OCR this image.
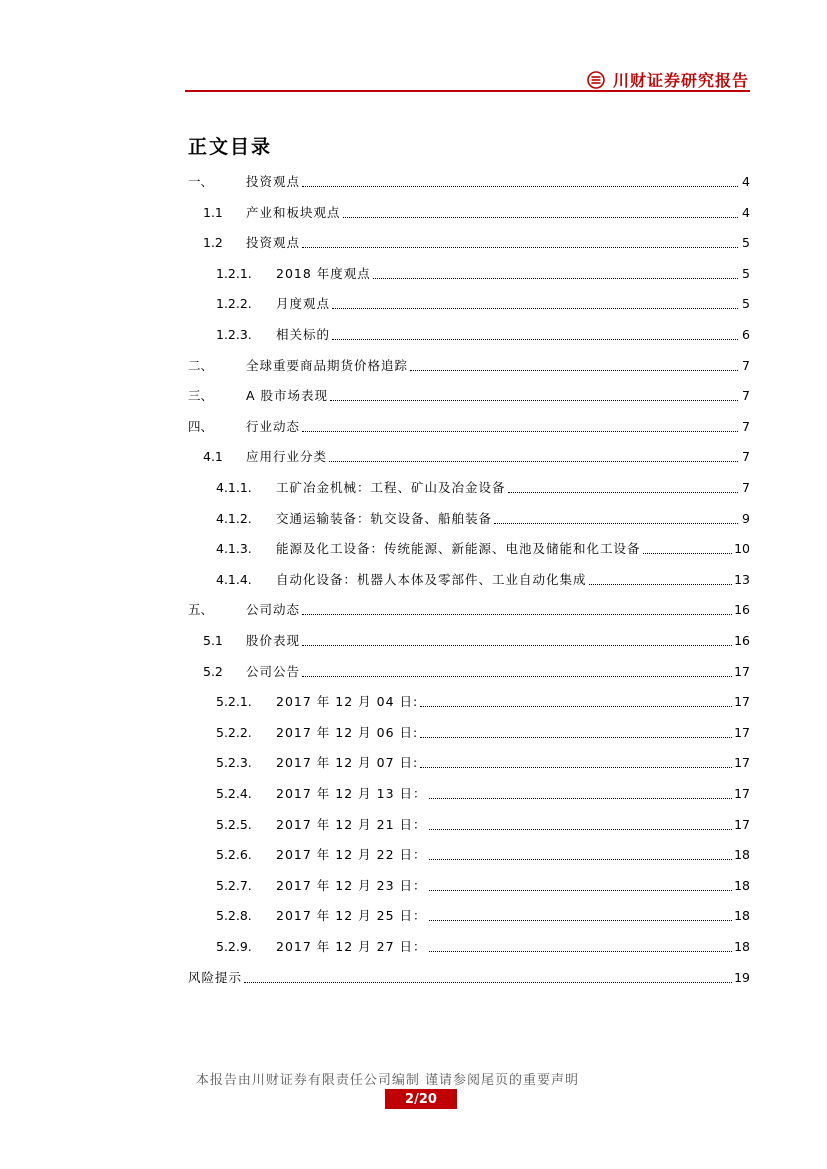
川财证券研究报告
正文目录
一、	投资观点	4
1.1	产业和板块观点	4
1.2	投资观点	5
1.2.1.	2018 年度观点	5
1.2.2.	月度观点	5
1.2.3.	相关标的	6
二、	全球重要商品期货价格追踪	7
三、	A 股市场表现	7
四、	行业动态	7
4.1	应用行业分类	7
4.1.1.	工矿冶金机械：工程、矿山及冶金设备	7
4.1.2.	交通运输装备：轨交设备、船舶装备	9
4.1.3.	能源及化工设备：传统能源、新能源、电池及储能和化工设备	10
4.1.4.	自动化设备：机器人本体及零部件、工业自动化集成	13
五、	公司动态	16
5.1	股价表现	16
5.2	公司公告	17
5.2.1.	2017 年 12 月 04 日:	17
5.2.2.	2017 年 12 月 06 日:	17
5.2.3.	2017 年 12 月 07 日:	17
5.2.4.	2017 年 12 月 13 日：	17
5.2.5.	2017 年 12 月 21 日：	17
5.2.6.	2017 年 12 月 22 日：	18
5.2.7.	2017 年 12 月 23 日：	18
5.2.8.	2017 年 12 月 25 日：	18
5.2.9.	2017 年 12 月 27 日：	18
风险提示	19
本报告由川财证券有限责任公司编制 谨请参阅尾页的重要声明
2/20
